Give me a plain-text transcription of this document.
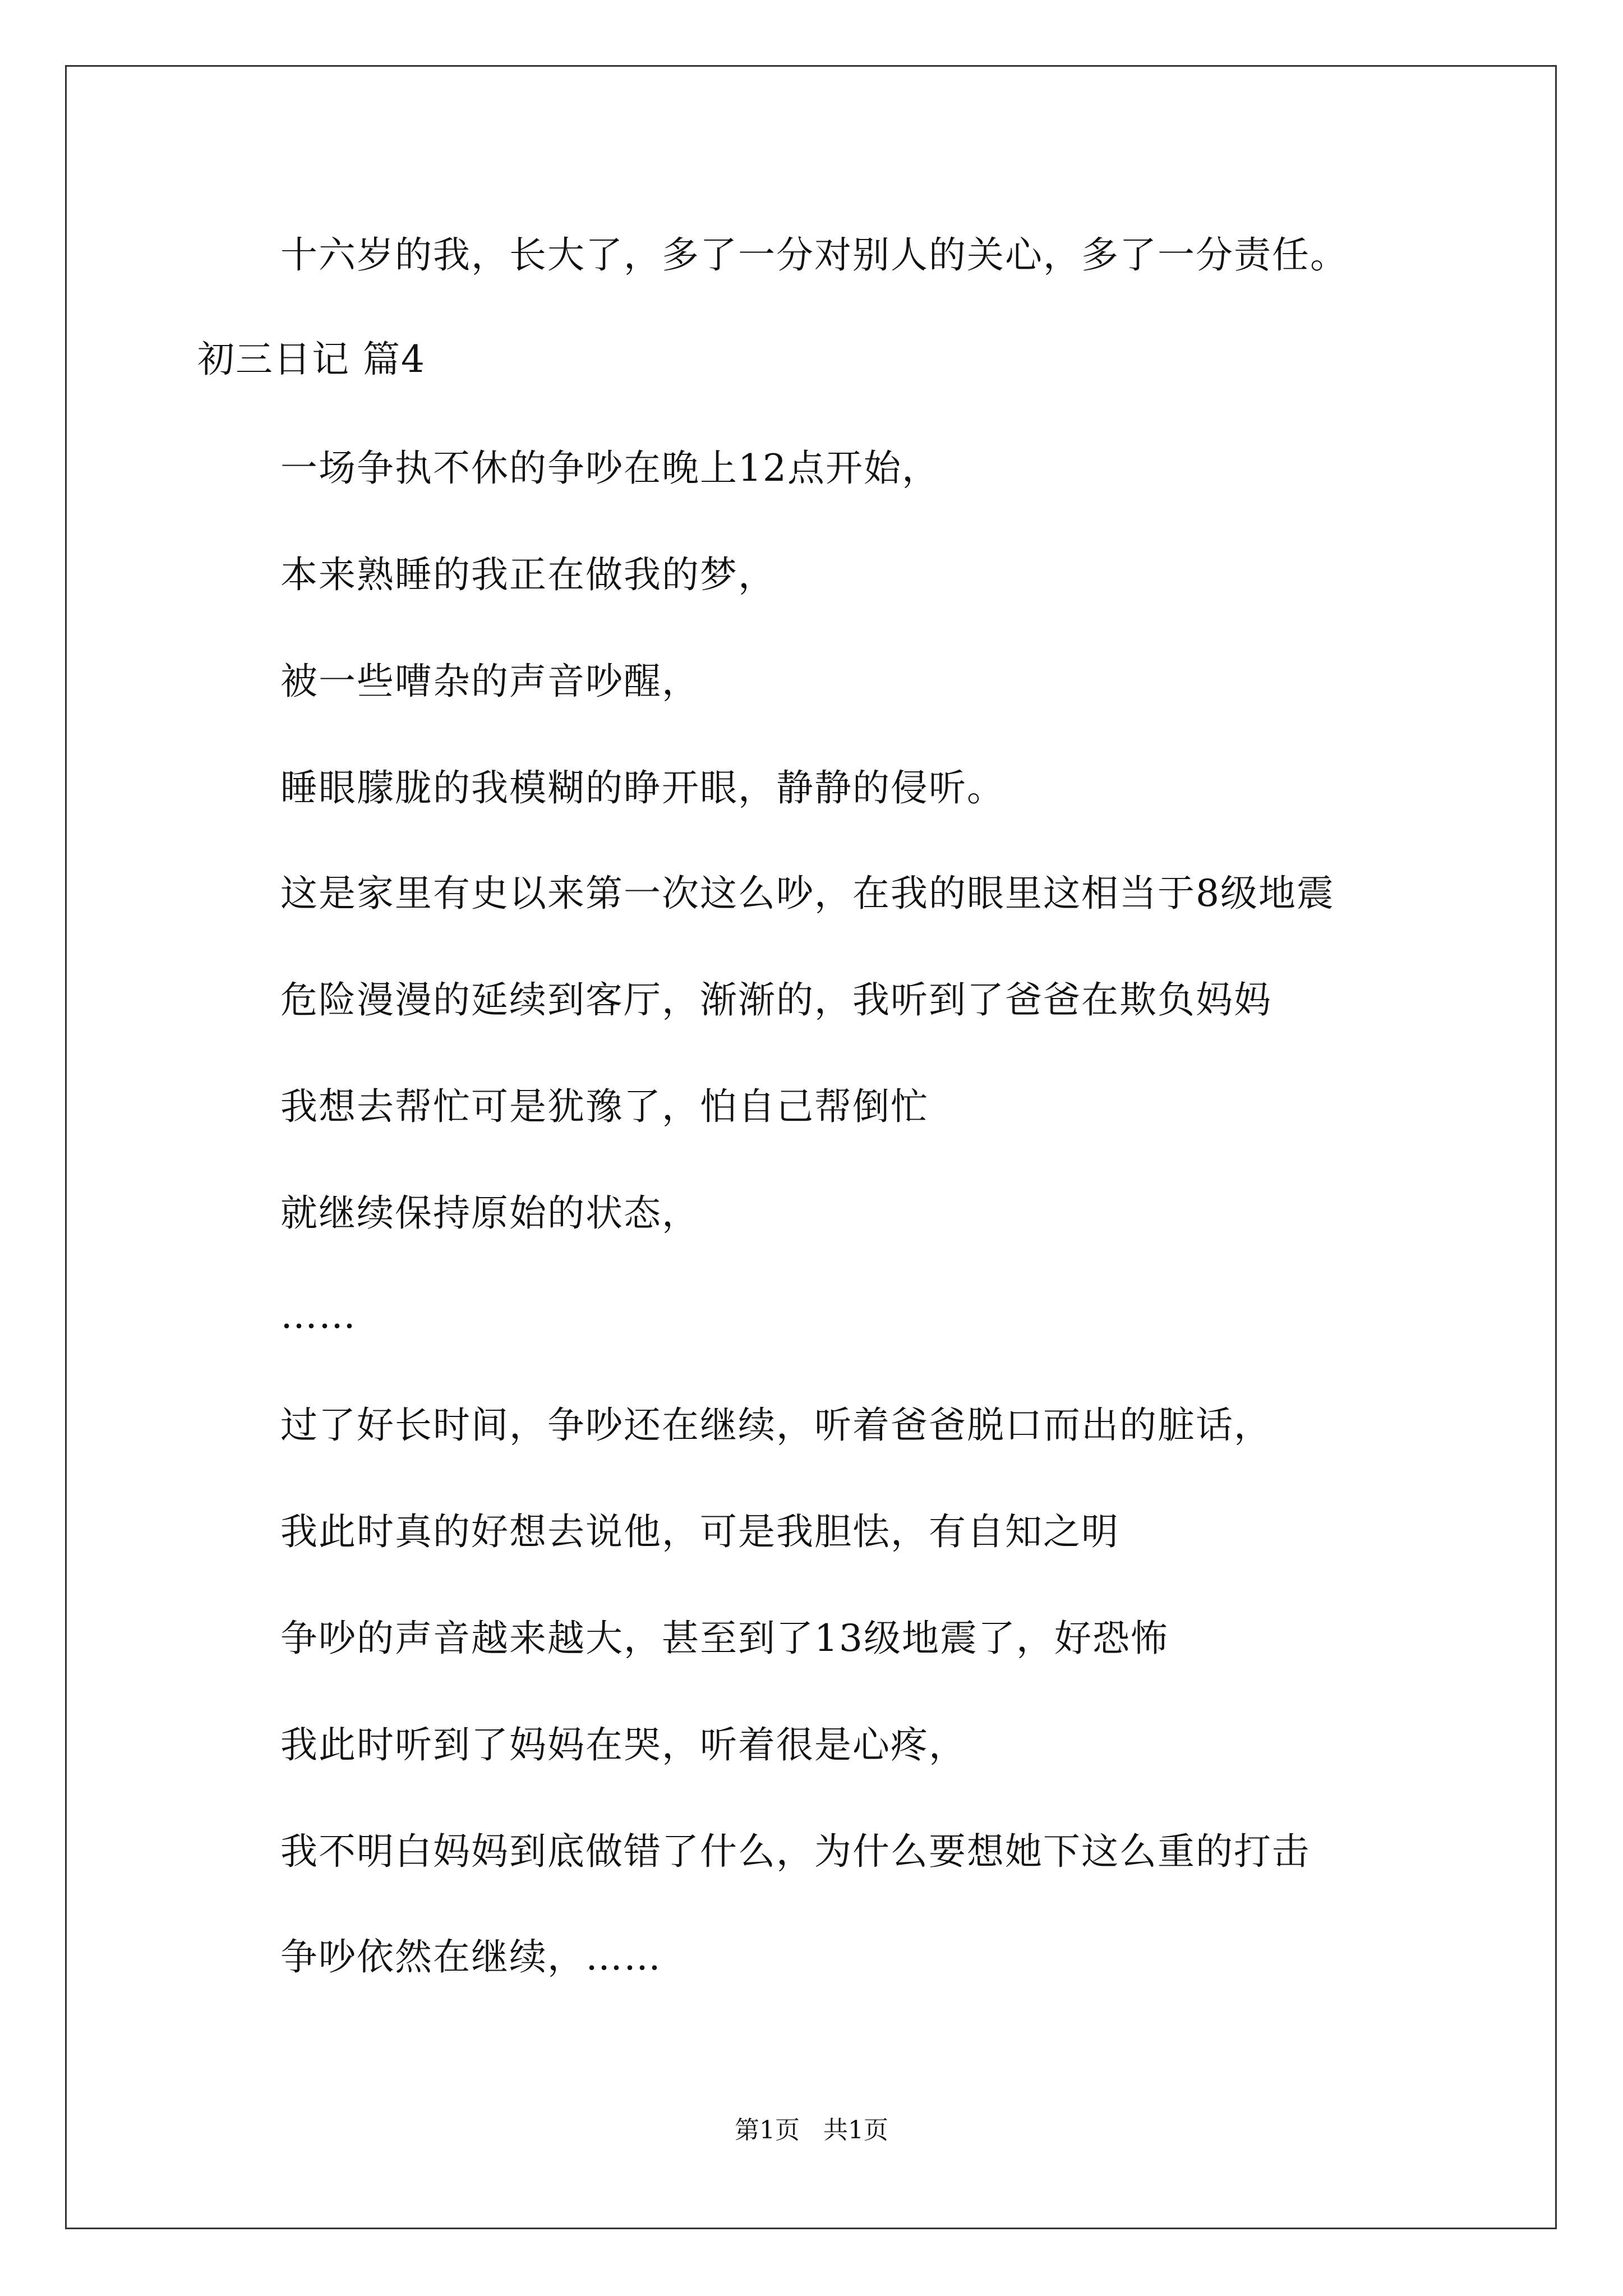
十六岁的我，长大了，多了一分对别人的关心，多了一分责任。
初三日记 篇4
一场争执不休的争吵在晚上12点开始，
本来熟睡的我正在做我的梦，
被一些嘈杂的声音吵醒，
睡眼朦胧的我模糊的睁开眼，静静的侵听。
这是家里有史以来第一次这么吵，在我的眼里这相当于8级地震
危险漫漫的延续到客厅，渐渐的，我听到了爸爸在欺负妈妈
我想去帮忙可是犹豫了，怕自己帮倒忙
就继续保持原始的状态，
……
过了好长时间，争吵还在继续，听着爸爸脱口而出的脏话，
我此时真的好想去说他，可是我胆怯，有自知之明
争吵的声音越来越大，甚至到了13级地震了，好恐怖
我此时听到了妈妈在哭，听着很是心疼，
我不明白妈妈到底做错了什么，为什么要想她下这么重的打击
争吵依然在继续，……
第1页   共1页
